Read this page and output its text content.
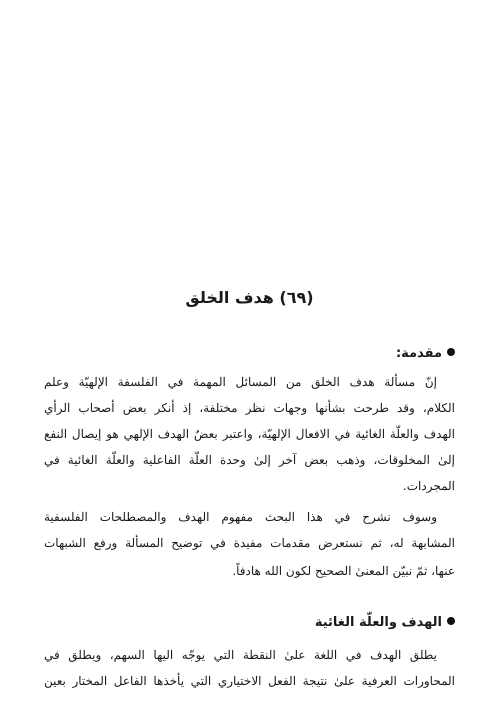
(٦٩) هدف الخلق
مقدمة:
إنّ مسألة هدف الخلق من المسائل المهمة في الفلسفة الإلهيّة وعلم
الكلام، وقد طرحت بشأنها وجهات نظر مختلفة، إذ أنكر بعض أصحاب الرأي
الهدف والعلّة الغائية في الافعال الإلهيّة، واعتبر بعضٌ الهدف الإلهي هو إيصال النفع
إلىٰ المخلوقات، وذهب بعض آخر إلىٰ وحدة العلّة الفاعلية والعلّة الغائية في
المجردات.
وسوف نشرح في هذا البحث مفهوم الهدف والمصطلحات الفلسفية
المشابهة له، ثم نستعرض مقدمات مفيدة في توضيح المسألة ورفع الشبهات
عنها، ثمّ نبيّن المعنىٰ الصحيح لكون الله هادفاً.
الهدف والعلّة الغائية
يطلق الهدف في اللغة علىٰ النقطة التي يوجّه اليها السهم، ويطلق في
المحاورات العرفية علىٰ نتيجة الفعل الاختياري التي يأخذها الفاعل المختار بعين
